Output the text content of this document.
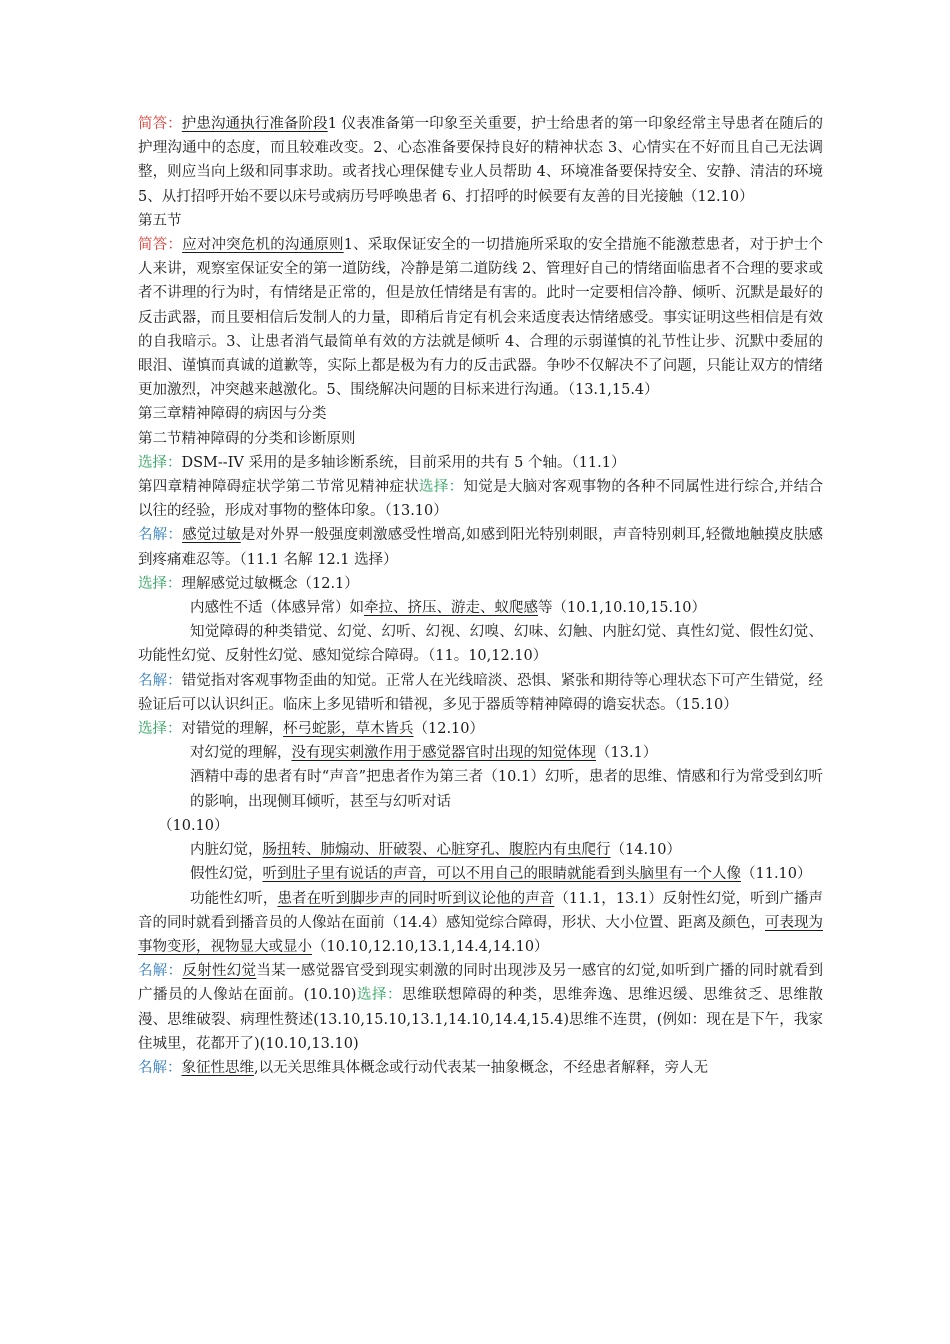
简答：护患沟通执行准备阶段1 仪表准备第一印象至关重要，护士给患者的第一印象经常主导患者在随后的护理沟通中的态度，而且较难改变。2、心态准备要保持良好的精神状态 3、心情实在不好而且自己无法调整，则应当向上级和同事求助。或者找心理保健专业人员帮助 4、环境准备要保持安全、安静、清洁的环境 5、从打招呼开始不要以床号或病历号呼唤患者 6、打招呼的时候要有友善的目光接触（12.10）

第五节

简答：应对冲突危机的沟通原则1、采取保证安全的一切措施所采取的安全措施不能激惹患者，对于护士个人来讲，观察室保证安全的第一道防线，冷静是第二道防线 2、管理好自己的情绪面临患者不合理的要求或者不讲理的行为时，有情绪是正常的，但是放任情绪是有害的。此时一定要相信冷静、倾听、沉默是最好的反击武器，而且要相信后发制人的力量，即稍后肯定有机会来适度表达情绪感受。事实证明这些相信是有效的自我暗示。3、让患者消气最简单有效的方法就是倾听 4、合理的示弱谨慎的礼节性让步、沉默中委屈的眼泪、谨慎而真诚的道歉等，实际上都是极为有力的反击武器。争吵不仅解决不了问题，只能让双方的情绪更加激烈，冲突越来越激化。5、围绕解决问题的目标来进行沟通。（13.1,15.4）

第三章精神障碍的病因与分类

第二节精神障碍的分类和诊断原则

选择：DSM--IV 采用的是多轴诊断系统，目前采用的共有 5 个轴。（11.1）

第四章精神障碍症状学第二节常见精神症状选择：知觉是大脑对客观事物的各种不同属性进行综合,并结合以往的经验，形成对事物的整体印象。（13.10）

名解：感觉过敏是对外界一般强度刺激感受性增高,如感到阳光特别刺眼，声音特别刺耳,轻微地触摸皮肤感到疼痛难忍等。（11.1 名解 12.1 选择）

选择：理解感觉过敏概念（12.1）

内感性不适（体感异常）如牵拉、挤压、游走、蚁爬感等（10.1,10.10,15.10）

知觉障碍的种类错觉、幻觉、幻听、幻视、幻嗅、幻味、幻触、内脏幻觉、真性幻觉、假性幻觉、功能性幻觉、反射性幻觉、感知觉综合障碍。（11。10,12.10）

名解：错觉指对客观事物歪曲的知觉。正常人在光线暗淡、恐惧、紧张和期待等心理状态下可产生错觉，经验证后可以认识纠正。临床上多见错听和错视，多见于器质等精神障碍的谵妄状态。（15.10）

选择：对错觉的理解，杯弓蛇影，草木皆兵（12.10）

对幻觉的理解，没有现实刺激作用于感觉器官时出现的知觉体现（13.1）

酒精中毒的患者有时“声音”把患者作为第三者（10.1）幻听，患者的思维、情感和行为常受到幻听的影响，出现侧耳倾听，甚至与幻听对话

（10.10）

内脏幻觉，肠扭转、肺煽动、肝破裂、心脏穿孔、腹腔内有虫爬行（14.10）

假性幻觉，听到肚子里有说话的声音，可以不用自己的眼睛就能看到头脑里有一个人像（11.10）

功能性幻听，患者在听到脚步声的同时听到议论他的声音（11.1，13.1）反射性幻觉，听到广播声音的同时就看到播音员的人像站在面前（14.4）感知觉综合障碍，形状、大小位置、距离及颜色，可表现为事物变形，视物显大或显小（10.10,12.10,13.1,14.4,14.10）

名解：反射性幻觉当某一感觉器官受到现实刺激的同时出现涉及另一感官的幻觉,如听到广播的同时就看到广播员的人像站在面前。(10.10)选择：思维联想障碍的种类，思维奔逸、思维迟缓、思维贫乏、思维散漫、思维破裂、病理性赘述(13.10,15.10,13.1,14.10,14.4,15.4)思维不连贯，(例如：现在是下午，我家住城里，花都开了)(10.10,13.10)

名解：象征性思维,以无关思维具体概念或行动代表某一抽象概念，不经患者解释，旁人无
